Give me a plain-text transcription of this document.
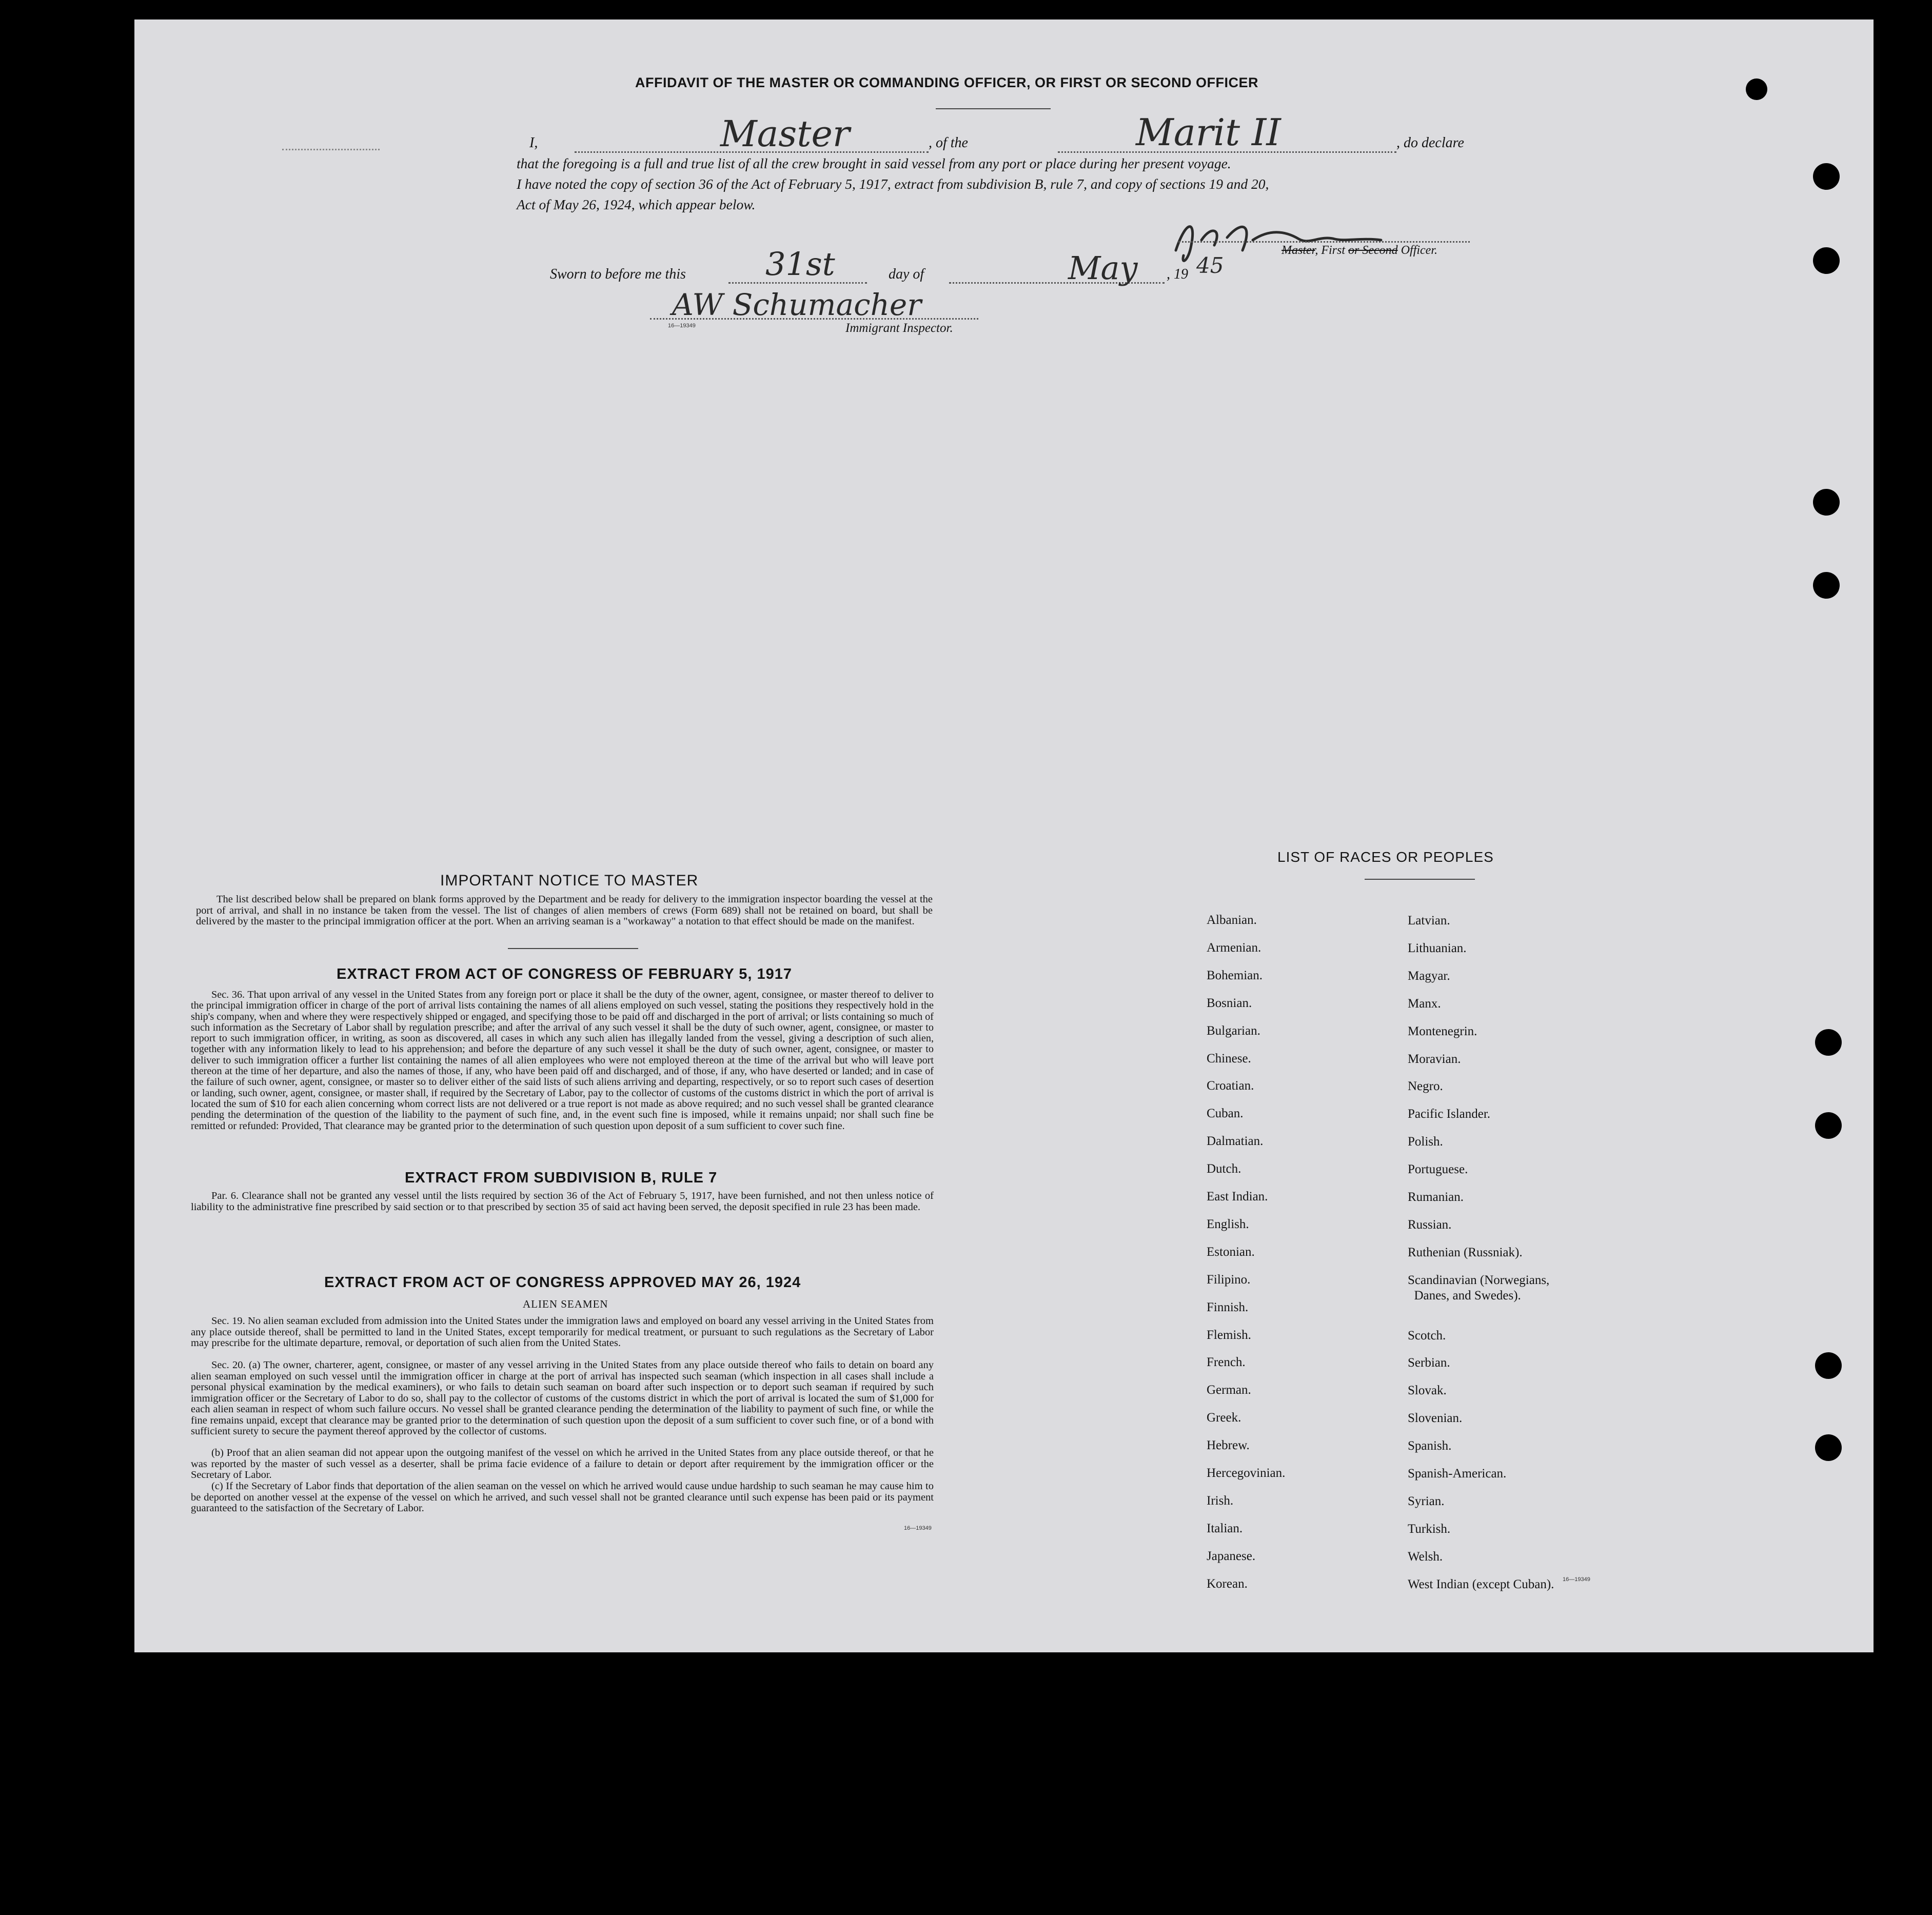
AFFIDAVIT OF THE MASTER OR COMMANDING OFFICER, OR FIRST OR SECOND OFFICER
I,	Master	, of the	Marit II	, do declare
that the foregoing is a full and true list of all the crew brought in said vessel from any port or place during her present voyage.
I have noted the copy of section 36 of the Act of February 5, 1917, extract from subdivision B, rule 7, and copy of sections 19 and 20,
Act of May 26, 1924, which appear below.
Master, First or Second Officer.
Sworn to before me this	31st	day of	May , 19 45
AW Schumacher
16—19349	Immigrant Inspector.
IMPORTANT NOTICE TO MASTER
The list described below shall be prepared on blank forms approved by the Department and be ready for delivery to the immigration inspector boarding the vessel at the port of arrival, and shall in no instance be taken from the vessel. The list of changes of alien members of crews (Form 689) shall not be retained on board, but shall be delivered by the master to the principal immigration officer at the port. When an arriving seaman is a "workaway" a notation to that effect should be made on the manifest.
EXTRACT FROM ACT OF CONGRESS OF FEBRUARY 5, 1917
Sec. 36. That upon arrival of any vessel in the United States from any foreign port or place it shall be the duty of the owner, agent, consignee, or master thereof to deliver to the principal immigration officer in charge of the port of arrival lists containing the names of all aliens employed on such vessel, stating the positions they respectively hold in the ship's company, when and where they were respectively shipped or engaged, and specifying those to be paid off and discharged in the port of arrival; or lists containing so much of such information as the Secretary of Labor shall by regulation prescribe; and after the arrival of any such vessel it shall be the duty of such owner, agent, consignee, or master to report to such immigration officer, in writing, as soon as discovered, all cases in which any such alien has illegally landed from the vessel, giving a description of such alien, together with any information likely to lead to his apprehension; and before the departure of any such vessel it shall be the duty of such owner, agent, consignee, or master to deliver to such immigration officer a further list containing the names of all alien employees who were not employed thereon at the time of the arrival but who will leave port thereon at the time of her departure, and also the names of those, if any, who have been paid off and discharged, and of those, if any, who have deserted or landed; and in case of the failure of such owner, agent, consignee, or master so to deliver either of the said lists of such aliens arriving and departing, respectively, or so to report such cases of desertion or landing, such owner, agent, consignee, or master shall, if required by the Secretary of Labor, pay to the collector of customs of the customs district in which the port of arrival is located the sum of $10 for each alien concerning whom correct lists are not delivered or a true report is not made as above required; and no such vessel shall be granted clearance pending the determination of the question of the liability to the payment of such fine, and, in the event such fine is imposed, while it remains unpaid; nor shall such fine be remitted or refunded: Provided, That clearance may be granted prior to the determination of such question upon deposit of a sum sufficient to cover such fine.
EXTRACT FROM SUBDIVISION B, RULE 7
Par. 6. Clearance shall not be granted any vessel until the lists required by section 36 of the Act of February 5, 1917, have been furnished, and not then unless notice of liability to the administrative fine prescribed by said section or to that prescribed by section 35 of said act having been served, the deposit specified in rule 23 has been made.
EXTRACT FROM ACT OF CONGRESS APPROVED MAY 26, 1924
ALIEN SEAMEN
Sec. 19. No alien seaman excluded from admission into the United States under the immigration laws and employed on board any vessel arriving in the United States from any place outside thereof, shall be permitted to land in the United States, except temporarily for medical treatment, or pursuant to such regulations as the Secretary of Labor may prescribe for the ultimate departure, removal, or deportation of such alien from the United States.
Sec. 20. (a) The owner, charterer, agent, consignee, or master of any vessel arriving in the United States from any place outside thereof who fails to detain on board any alien seaman employed on such vessel until the immigration officer in charge at the port of arrival has inspected such seaman (which inspection in all cases shall include a personal physical examination by the medical examiners), or who fails to detain such seaman on board after such inspection or to deport such seaman if required by such immigration officer or the Secretary of Labor to do so, shall pay to the collector of customs of the customs district in which the port of arrival is located the sum of $1,000 for each alien seaman in respect of whom such failure occurs. No vessel shall be granted clearance pending the determination of the liability to payment of such fine, or while the fine remains unpaid, except that clearance may be granted prior to the determination of such question upon the deposit of a sum sufficient to cover such fine, or of a bond with sufficient surety to secure the payment thereof approved by the collector of customs.
(b) Proof that an alien seaman did not appear upon the outgoing manifest of the vessel on which he arrived in the United States from any place outside thereof, or that he was reported by the master of such vessel as a deserter, shall be prima facie evidence of a failure to detain or deport after requirement by the immigration officer or the Secretary of Labor.
(c) If the Secretary of Labor finds that deportation of the alien seaman on the vessel on which he arrived would cause undue hardship to such seaman he may cause him to be deported on another vessel at the expense of the vessel on which he arrived, and such vessel shall not be granted clearance until such expense has been paid or its payment guaranteed to the satisfaction of the Secretary of Labor.
16—19349
LIST OF RACES OR PEOPLES
Albanian.
Armenian.
Bohemian.
Bosnian.
Bulgarian.
Chinese.
Croatian.
Cuban.
Dalmatian.
Dutch.
East Indian.
English.
Estonian.
Filipino.
Finnish.
Flemish.
French.
German.
Greek.
Hebrew.
Hercegovinian.
Irish.
Italian.
Japanese.
Korean.
Latvian.
Lithuanian.
Magyar.
Manx.
Montenegrin.
Moravian.
Negro.
Pacific Islander.
Polish.
Portuguese.
Rumanian.
Russian.
Ruthenian (Russniak).
Scandinavian (Norwegians,
Danes, and Swedes).
Scotch.
Serbian.
Slovak.
Slovenian.
Spanish.
Spanish-American.
Syrian.
Turkish.
Welsh.
West Indian (except Cuban). 16—19349
